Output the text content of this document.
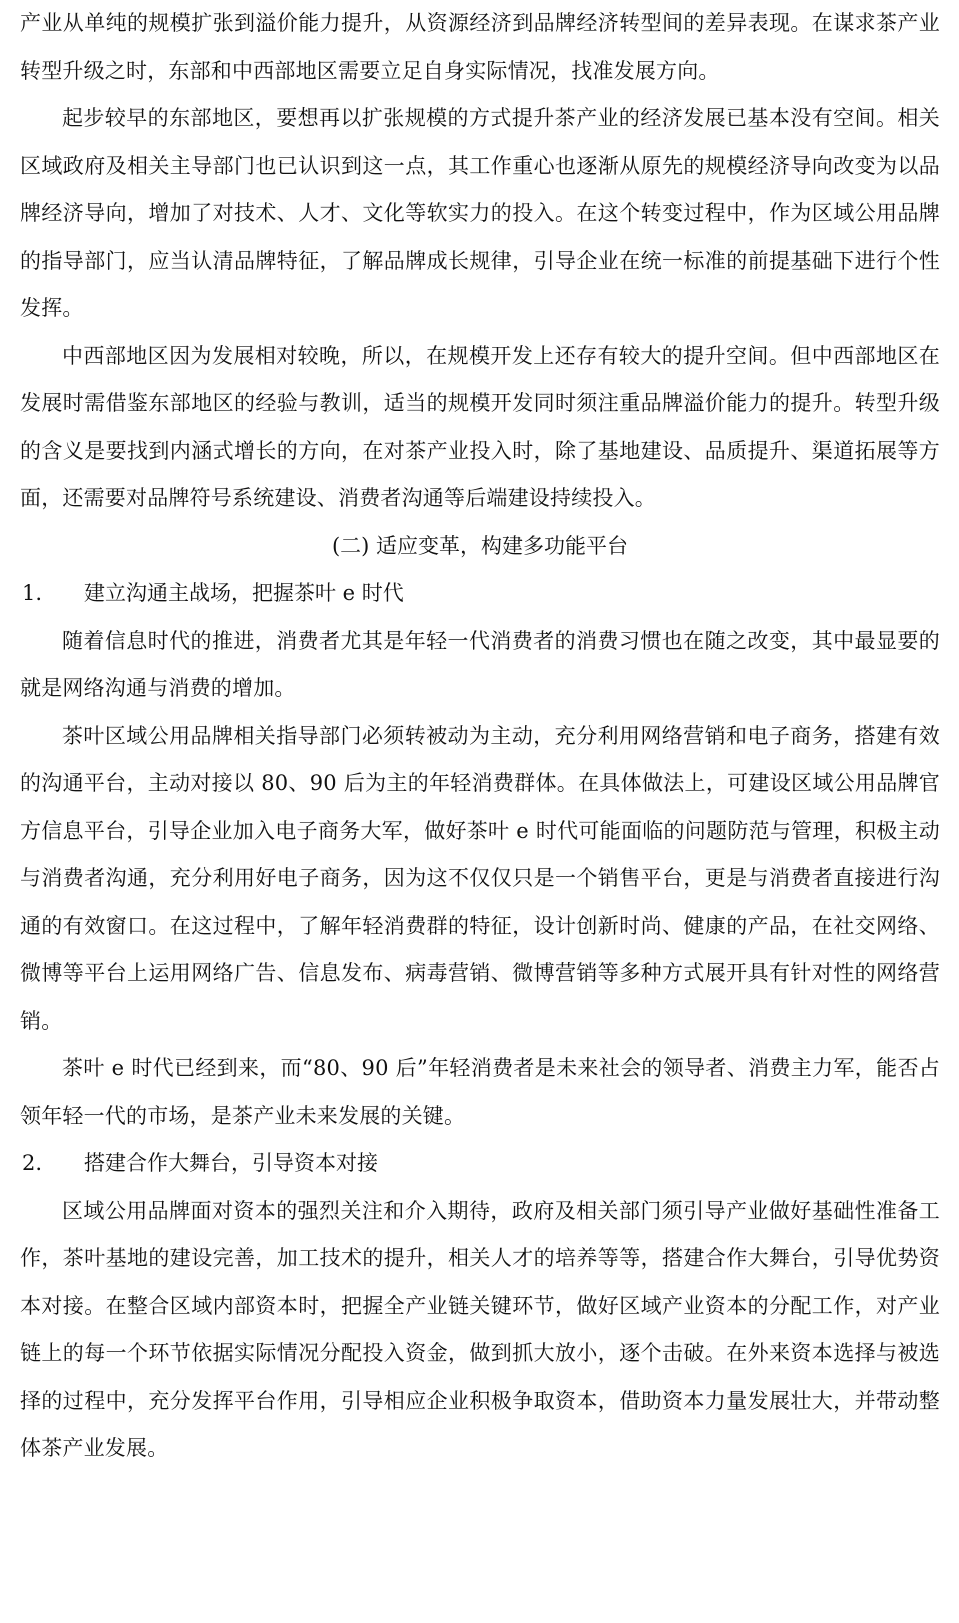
产业从单纯的规模扩张到溢价能力提升，从资源经济到品牌经济转型间的差异表现。在谋求茶产业转型升级之时，东部和中西部地区需要立足自身实际情况，找准发展方向。

起步较早的东部地区，要想再以扩张规模的方式提升茶产业的经济发展已基本没有空间。相关区域政府及相关主导部门也已认识到这一点，其工作重心也逐渐从原先的规模经济导向改变为以品牌经济导向，增加了对技术、人才、文化等软实力的投入。在这个转变过程中，作为区域公用品牌的指导部门，应当认清品牌特征，了解品牌成长规律，引导企业在统一标准的前提基础下进行个性发挥。

中西部地区因为发展相对较晚，所以，在规模开发上还存有较大的提升空间。但中西部地区在发展时需借鉴东部地区的经验与教训，适当的规模开发同时须注重品牌溢价能力的提升。转型升级的含义是要找到内涵式增长的方向，在对茶产业投入时，除了基地建设、品质提升、渠道拓展等方面，还需要对品牌符号系统建设、消费者沟通等后端建设持续投入。

(二) 适应变革，构建多功能平台

1.	建立沟通主战场，把握茶叶 e 时代

随着信息时代的推进，消费者尤其是年轻一代消费者的消费习惯也在随之改变，其中最显要的就是网络沟通与消费的增加。

茶叶区域公用品牌相关指导部门必须转被动为主动，充分利用网络营销和电子商务，搭建有效的沟通平台，主动对接以 80、90 后为主的年轻消费群体。在具体做法上，可建设区域公用品牌官方信息平台，引导企业加入电子商务大军，做好茶叶 e 时代可能面临的问题防范与管理，积极主动与消费者沟通，充分利用好电子商务，因为这不仅仅只是一个销售平台，更是与消费者直接进行沟通的有效窗口。在这过程中，了解年轻消费群的特征，设计创新时尚、健康的产品，在社交网络、微博等平台上运用网络广告、信息发布、病毒营销、微博营销等多种方式展开具有针对性的网络营销。

茶叶 e 时代已经到来，而“80、90 后”年轻消费者是未来社会的领导者、消费主力军，能否占领年轻一代的市场，是茶产业未来发展的关键。

2.	搭建合作大舞台，引导资本对接

区域公用品牌面对资本的强烈关注和介入期待，政府及相关部门须引导产业做好基础性准备工作，茶叶基地的建设完善，加工技术的提升，相关人才的培养等等，搭建合作大舞台，引导优势资本对接。在整合区域内部资本时，把握全产业链关键环节，做好区域产业资本的分配工作，对产业链上的每一个环节依据实际情况分配投入资金，做到抓大放小，逐个击破。在外来资本选择与被选择的过程中，充分发挥平台作用，引导相应企业积极争取资本，借助资本力量发展壮大，并带动整体茶产业发展。
